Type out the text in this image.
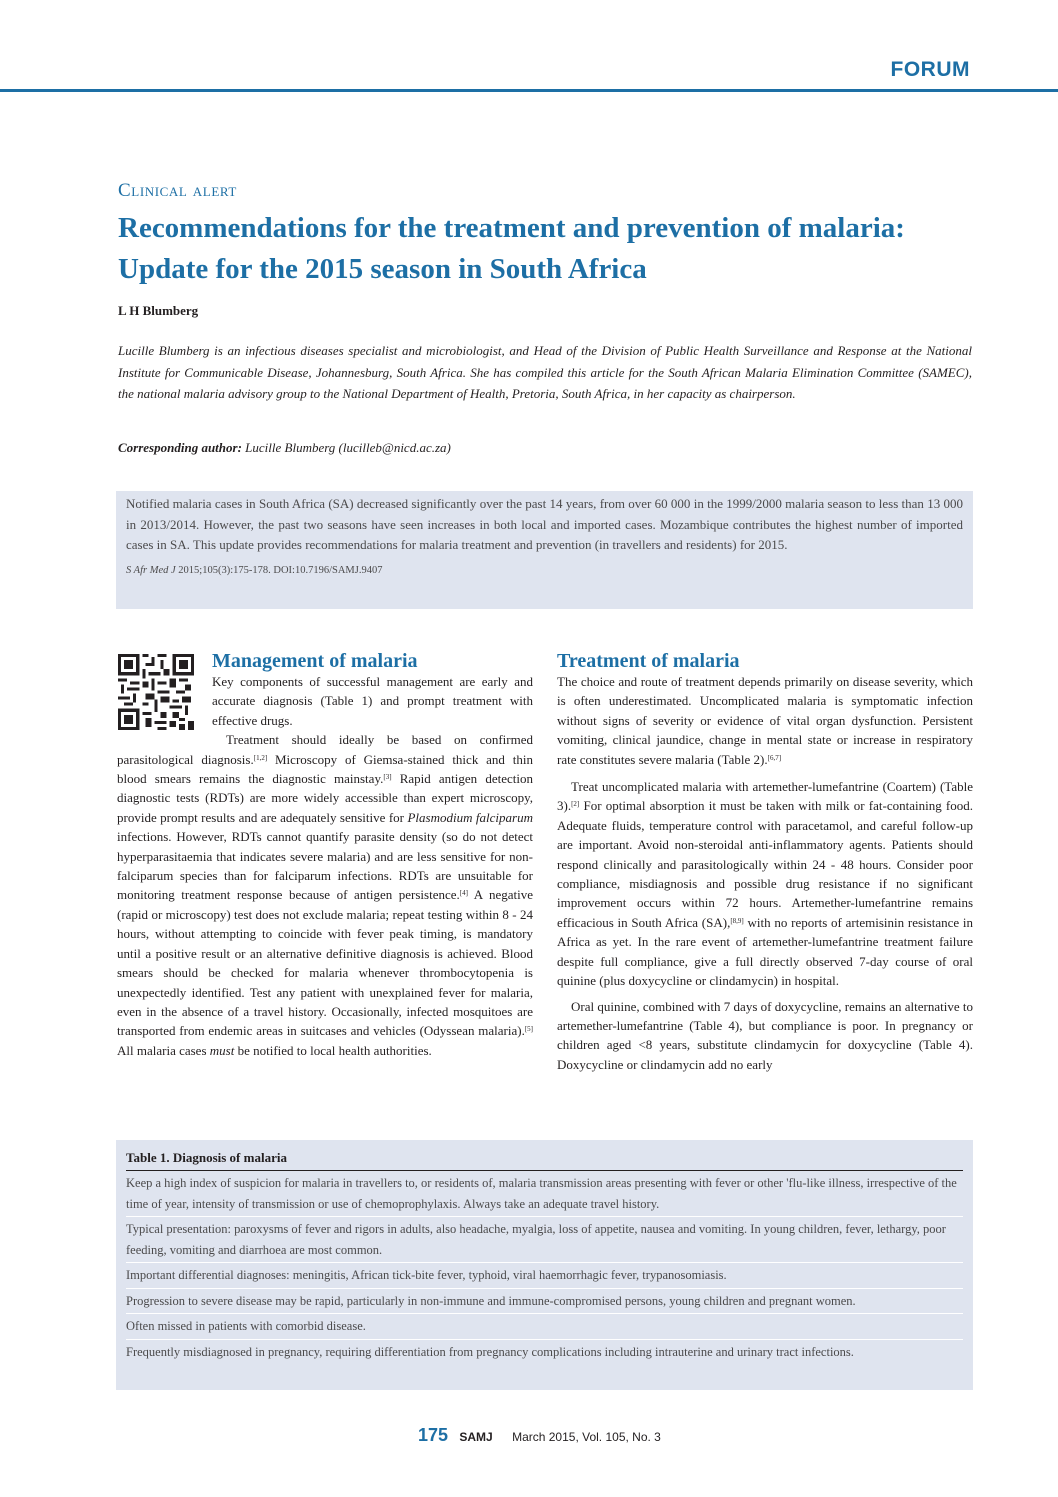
FORUM
Clinical alert
Recommendations for the treatment and prevention of malaria: Update for the 2015 season in South Africa
L H Blumberg

Lucille Blumberg is an infectious diseases specialist and microbiologist, and Head of the Division of Public Health Surveillance and Response at the National Institute for Communicable Disease, Johannesburg, South Africa. She has compiled this article for the South African Malaria Elimination Committee (SAMEC), the national malaria advisory group to the National Department of Health, Pretoria, South Africa, in her capacity as chairperson.

Corresponding author: Lucille Blumberg (lucilleb@nicd.ac.za)

Notified malaria cases in South Africa (SA) decreased significantly over the past 14 years, from over 60 000 in the 1999/2000 malaria season to less than 13 000 in 2013/2014. However, the past two seasons have seen increases in both local and imported cases. Mozambique contributes the highest number of imported cases in SA. This update provides recommendations for malaria treatment and prevention (in travellers and residents) for 2015.

S Afr Med J 2015;105(3):175-178. DOI:10.7196/SAMJ.9407

Management of malaria

Key components of successful management are early and accurate diagnosis (Table 1) and prompt treatment with effective drugs.

Treatment should ideally be based on confirmed parasitological diagnosis.[1,2] Microscopy of Giemsa-stained thick and thin blood smears remains the diagnostic mainstay.[3] Rapid antigen detection diagnostic tests (RDTs) are more widely accessible than expert microscopy, provide prompt results and are adequately sensitive for Plasmodium falciparum infections. However, RDTs cannot quantify parasite density (so do not detect hyperparasitaemia that indicates severe malaria) and are less sensitive for non-falciparum species than for falciparum infections. RDTs are unsuitable for monitoring treatment response because of antigen persistence.[4] A negative (rapid or microscopy) test does not exclude malaria; repeat testing within 8 - 24 hours, without attempting to coincide with fever peak timing, is mandatory until a positive result or an alternative definitive diagnosis is achieved. Blood smears should be checked for malaria whenever thrombocytopenia is unexpectedly identified. Test any patient with unexplained fever for malaria, even in the absence of a travel history. Occasionally, infected mosquitoes are transported from endemic areas in suitcases and vehicles (Odyssean malaria).[5] All malaria cases must be notified to local health authorities.

Treatment of malaria

The choice and route of treatment depends primarily on disease severity, which is often underestimated. Uncomplicated malaria is symptomatic infection without signs of severity or evidence of vital organ dysfunction. Persistent vomiting, clinical jaundice, change in mental state or increase in respiratory rate constitutes severe malaria (Table 2).[6,7]

Treat uncomplicated malaria with artemether-lumefantrine (Coartem) (Table 3).[2] For optimal absorption it must be taken with milk or fat-containing food. Adequate fluids, temperature control with paracetamol, and careful follow-up are important. Avoid non-steroidal anti-inflammatory agents. Patients should respond clinically and parasitologically within 24 - 48 hours. Consider poor compliance, misdiagnosis and possible drug resistance if no significant improvement occurs within 72 hours. Artemether-lumefantrine remains efficacious in South Africa (SA),[8,9] with no reports of artemisinin resistance in Africa as yet. In the rare event of artemether-lumefantrine treatment failure despite full compliance, give a full directly observed 7-day course of oral quinine (plus doxycycline or clindamycin) in hospital.

Oral quinine, combined with 7 days of doxycycline, remains an alternative to artemether-lumefantrine (Table 4), but compliance is poor. In pregnancy or children aged <8 years, substitute clindamycin for doxycycline (Table 4). Doxycycline or clindamycin add no early

Table 1. Diagnosis of malaria
Keep a high index of suspicion for malaria in travellers to, or residents of, malaria transmission areas presenting with fever or other 'flu-like illness, irrespective of the time of year, intensity of transmission or use of chemoprophylaxis. Always take an adequate travel history.
Typical presentation: paroxysms of fever and rigors in adults, also headache, myalgia, loss of appetite, nausea and vomiting. In young children, fever, lethargy, poor feeding, vomiting and diarrhoea are most common.
Important differential diagnoses: meningitis, African tick-bite fever, typhoid, viral haemorrhagic fever, trypanosomiasis.
Progression to severe disease may be rapid, particularly in non-immune and immune-compromised persons, young children and pregnant women.
Often missed in patients with comorbid disease.
Frequently misdiagnosed in pregnancy, requiring differentiation from pregnancy complications including intrauterine and urinary tract infections.
175 SAMJ March 2015, Vol. 105, No. 3
